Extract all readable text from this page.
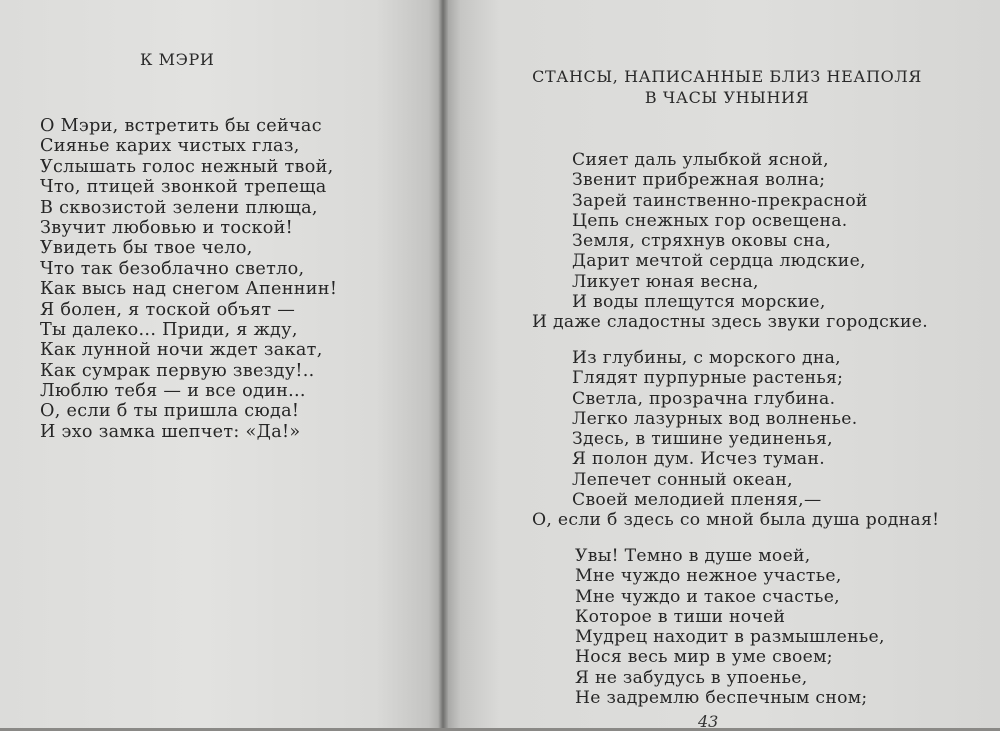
К МЭРИ
О Мэри, встретить бы сейчас
Сиянье карих чистых глаз,
Услышать голос нежный твой,
Что, птицей звонкой трепеща
В сквозистой зелени плюща,
Звучит любовью и тоской!
Увидеть бы твое чело,
Что так безоблачно светло,
Как высь над снегом Апеннин!
Я болен, я тоской объят —
Ты далеко... Приди, я жду,
Как лунной ночи ждет закат,
Как сумрак первую звезду!..
Люблю тебя — и все один...
О, если б ты пришла сюда!
И эхо замка шепчет: «Да!»
СТАНСЫ, НАПИСАННЫЕ БЛИЗ НЕАПОЛЯ
В ЧАСЫ УНЫНИЯ
Сияет даль улыбкой ясной,
Звенит прибрежная волна;
Зарей таинственно-прекрасной
Цепь снежных гор освещена.
Земля, стряхнув оковы сна,
Дарит мечтой сердца людские,
Ликует юная весна,
И воды плещутся морские,
И даже сладостны здесь звуки городские.
Из глубины, с морского дна,
Глядят пурпурные растенья;
Светла, прозрачна глубина.
Легко лазурных вод волненье.
Здесь, в тишине уединенья,
Я полон дум. Исчез туман.
Лепечет сонный океан,
Своей мелодией пленяя,—
О, если б здесь со мной была душа родная!
Увы! Темно в душе моей,
Мне чуждо нежное участье,
Мне чуждо и такое счастье,
Которое в тиши ночей
Мудрец находит в размышленье,
Нося весь мир в уме своем;
Я не забудусь в упоенье,
Не задремлю беспечным сном;
43
